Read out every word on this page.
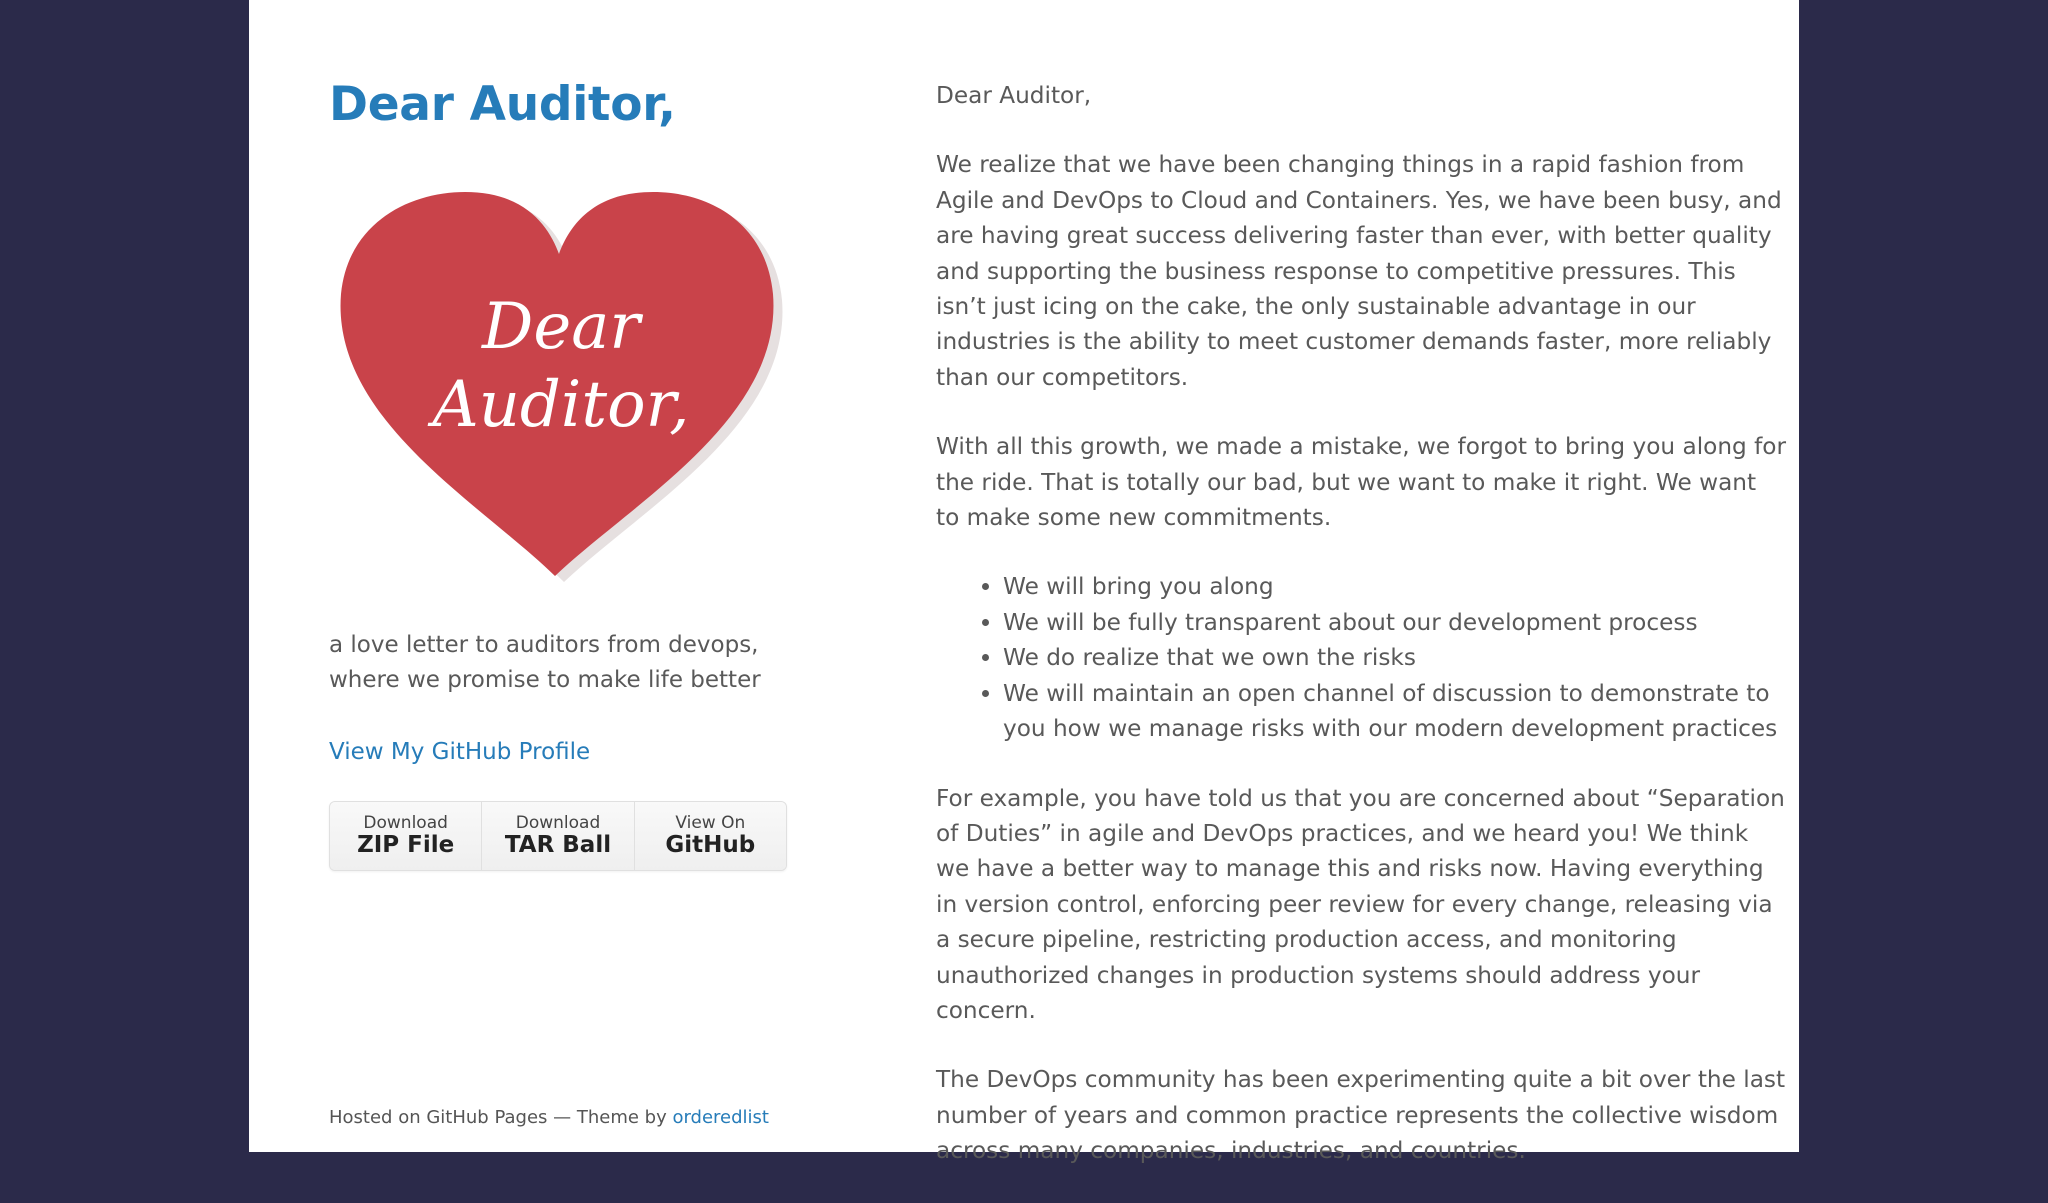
Dear Auditor,
Dear
Auditor,
a love letter to auditors from devops,
where we promise to make life better
View My GitHub Profile
Download
ZIP File
Download
TAR Ball
View On
GitHub
Hosted on GitHub Pages — Theme by orderedlist

Dear Auditor,

We realize that we have been changing things in a rapid fashion from Agile and DevOps to Cloud and Containers. Yes, we have been busy, and are having great success delivering faster than ever, with better quality and supporting the business response to competitive pressures. This isn’t just icing on the cake, the only sustainable advantage in our industries is the ability to meet customer demands faster, more reliably than our competitors.

With all this growth, we made a mistake, we forgot to bring you along for the ride. That is totally our bad, but we want to make it right. We want to make some new commitments.

• We will bring you along
• We will be fully transparent about our development process
• We do realize that we own the risks
• We will maintain an open channel of discussion to demonstrate to you how we manage risks with our modern development practices

For example, you have told us that you are concerned about “Separation of Duties” in agile and DevOps practices, and we heard you! We think we have a better way to manage this and risks now. Having everything in version control, enforcing peer review for every change, releasing via a secure pipeline, restricting production access, and monitoring unauthorized changes in production systems should address your concern.

The DevOps community has been experimenting quite a bit over the last number of years and common practice represents the collective wisdom across many companies, industries, and countries.
